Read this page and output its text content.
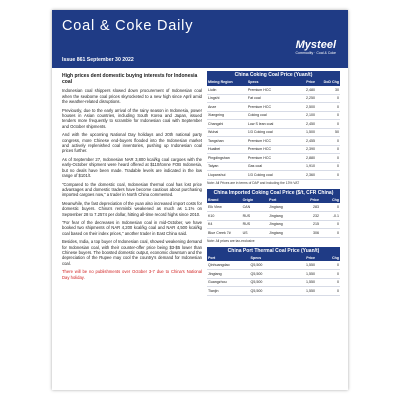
Coal & Coke Daily
Mysteel
Commodity · Coal & Coke
Issue 861 September 30 2022
High prices dent domestic buying interests for Indonesia coal

Indonesian coal shippers slowed down procurement of Indonesian coal when the seaborne coal prices skyrocketed to a new high since April amid the weather-related disruptions.

Previously, due to the early arrival of the rainy season in Indonesia, power houses in Asian countries, including South Korea and Japan, issued tenders more frequently to scramble for Indonesian coal with September and October shipments.

And with the upcoming National Day holidays and 20th national party congress, more Chinese end-buyers flooded into the Indonesian market and actively replenished coal inventories, pushing up Indonesian coal prices further.

As of September 27, Indonesian NAR 3,800 kcal/kg coal cargoes with the early-October shipment were heard offered at $110/tonne FOB Indonesia, but no deals have been made. Tradable levels are indicated in the low range of $101/t.

"Compared to the domestic coal, Indonesian thermal coal has lost price advantages and domestic traders have become cautious about purchasing imported cargoes now," a trader in North China commented.

Meanwhile, the fast depreciation of the yuan also increased import costs for domestic buyers. China's renminbi weakened as much as 1.1% on September 28 to 7.2574 per dollar, hitting all-time record highs since 2010.

"For fear of the decreases in Indonesian coal in mid-October, we have booked two shipments of NAR 4,200 kcal/kg coal and NAR 4,500 kcal/kg coal based on their index prices," another trader in East China said.

Besides, India, a top buyer of Indonesian coal, showed weakening demand for Indonesian coal, with their counter-offer price being $3-$5 lower than Chinese buyers. The boosted domestic output, economic downturn and the depreciation of the Rupee may cool the country's demand for Indonesian coal.

There will be no publishments over October 3-7 due to China's National Day holiday.

China Coking Coal Price (Yuan/t)
Mining Region	Specs	Price	DoD Chg
Liulin	Premium HCC	2,480	30
Lingshi	Fat coal	2,250	0
Anze	Premium HCC	2,500	0
Xiangning	Coking coal	2,100	0
Changzhi	Low S lean coal	2,450	0
Wuhai	1/3 Coking coal	1,500	50
Tangshan	Premium HCC	2,455	0
Huaibei	Premium HCC	2,390	0
Pingdingshan	Premium HCC	2,880	0
Taiyan	Gas coal	1,910	0
Liupanshui	1/3 Coking coal	2,360	0
Note: All Prices are in terms of DAP and including the 13% VAT
China Imported Coking Coal Price ($/t, CFR China)
Brand	Origin	Port	Price	Chg
Elk View	CAN	Jingtang	283	0
K10	RUS	Jingtang	232	-0.1
K4	RUS	Jingtang	215	0
Blue Creek 7#	US	Jingtang	306	0
Note: All prices are tax-exclusive
China Port Thermal Coal Price (Yuan/t)
Port	Specs	Price	Chg
Qinhuangdao	Q5,500	1,550	0
Jingtang	Q5,500	1,550	0
Guangzhou	Q5,500	1,550	0
Tianjin	Q5,500	1,550	0
